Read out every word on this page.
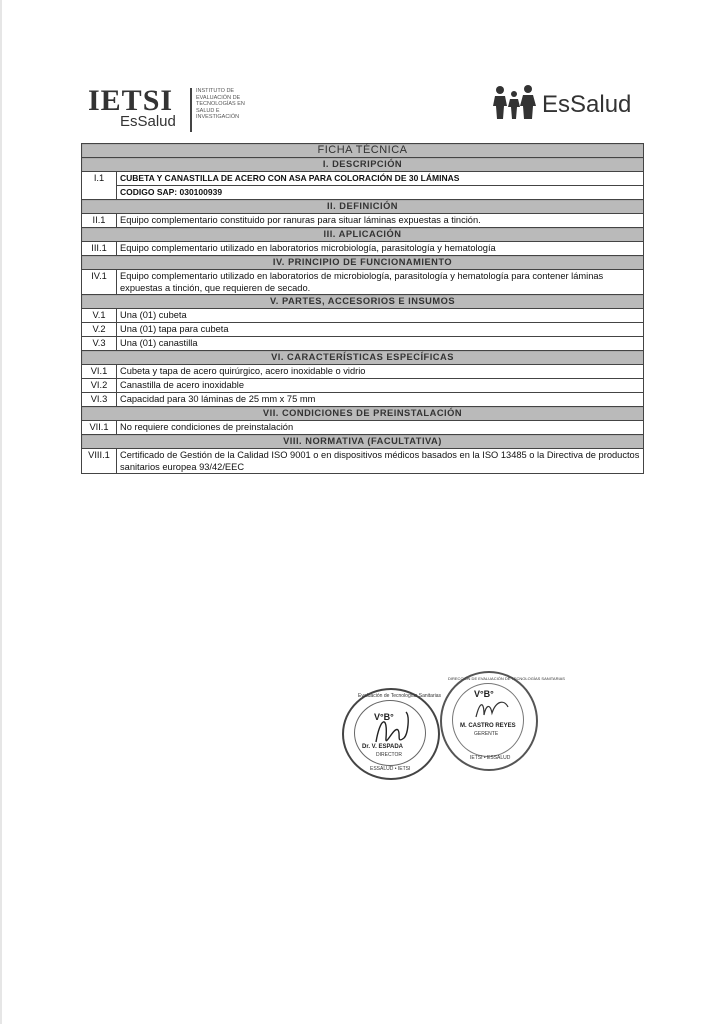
IETSI
EsSalud
INSTITUTO DE
EVALUACIÓN DE
TECNOLOGÍAS EN
SALUD E
INVESTIGACIÓN	EsSalud
FICHA TÉCNICA	
I. DESCRIPCIÓN	
I.1	CUBETA Y CANASTILLA DE ACERO CON ASA PARA COLORACIÓN DE 30 LÁMINAS
	CODIGO SAP: 030100939
II. DEFINICIÓN	
II.1	Equipo complementario constituido por ranuras para situar láminas expuestas a tinción.
III. APLICACIÓN	
III.1	Equipo complementario utilizado en laboratorios microbiología, parasitología y hematología
IV. PRINCIPIO DE FUNCIONAMIENTO	
IV.1	Equipo complementario utilizado en laboratorios de microbiología, parasitología y hematología para contener láminas expuestas a tinción, que requieren de secado.
V. PARTES, ACCESORIOS E INSUMOS	
V.1	Una (01) cubeta
V.2	Una (01) tapa para cubeta
V.3	Una (01) canastilla
VI. CARACTERÍSTICAS ESPECÍFICAS	
VI.1	Cubeta y tapa de acero quirúrgico, acero inoxidable o vidrio
VI.2	Canastilla de acero inoxidable
VI.3	Capacidad para 30 láminas de 25 mm x 75 mm
VII. CONDICIONES DE PREINSTALACIÓN	
VII.1	No requiere condiciones de preinstalación
VIII. NORMATIVA (FACULTATIVA)	
VIII.1	Certificado de Gestión de la Calidad ISO 9001 o en dispositivos médicos basados en la ISO 13485 o la Directiva de productos sanitarios europea 93/42/EEC
Evaluación de Tecnologías Sanitarias
V°B°
Dr. V. ESPADA
DIRECTOR
ESSALUD • IETSI
DIRECCIÓN DE EVALUACIÓN DE TECNOLOGÍAS SANITARIAS
V°B°
M. CASTRO REYES
GERENTE
IETSI • ESSALUD
